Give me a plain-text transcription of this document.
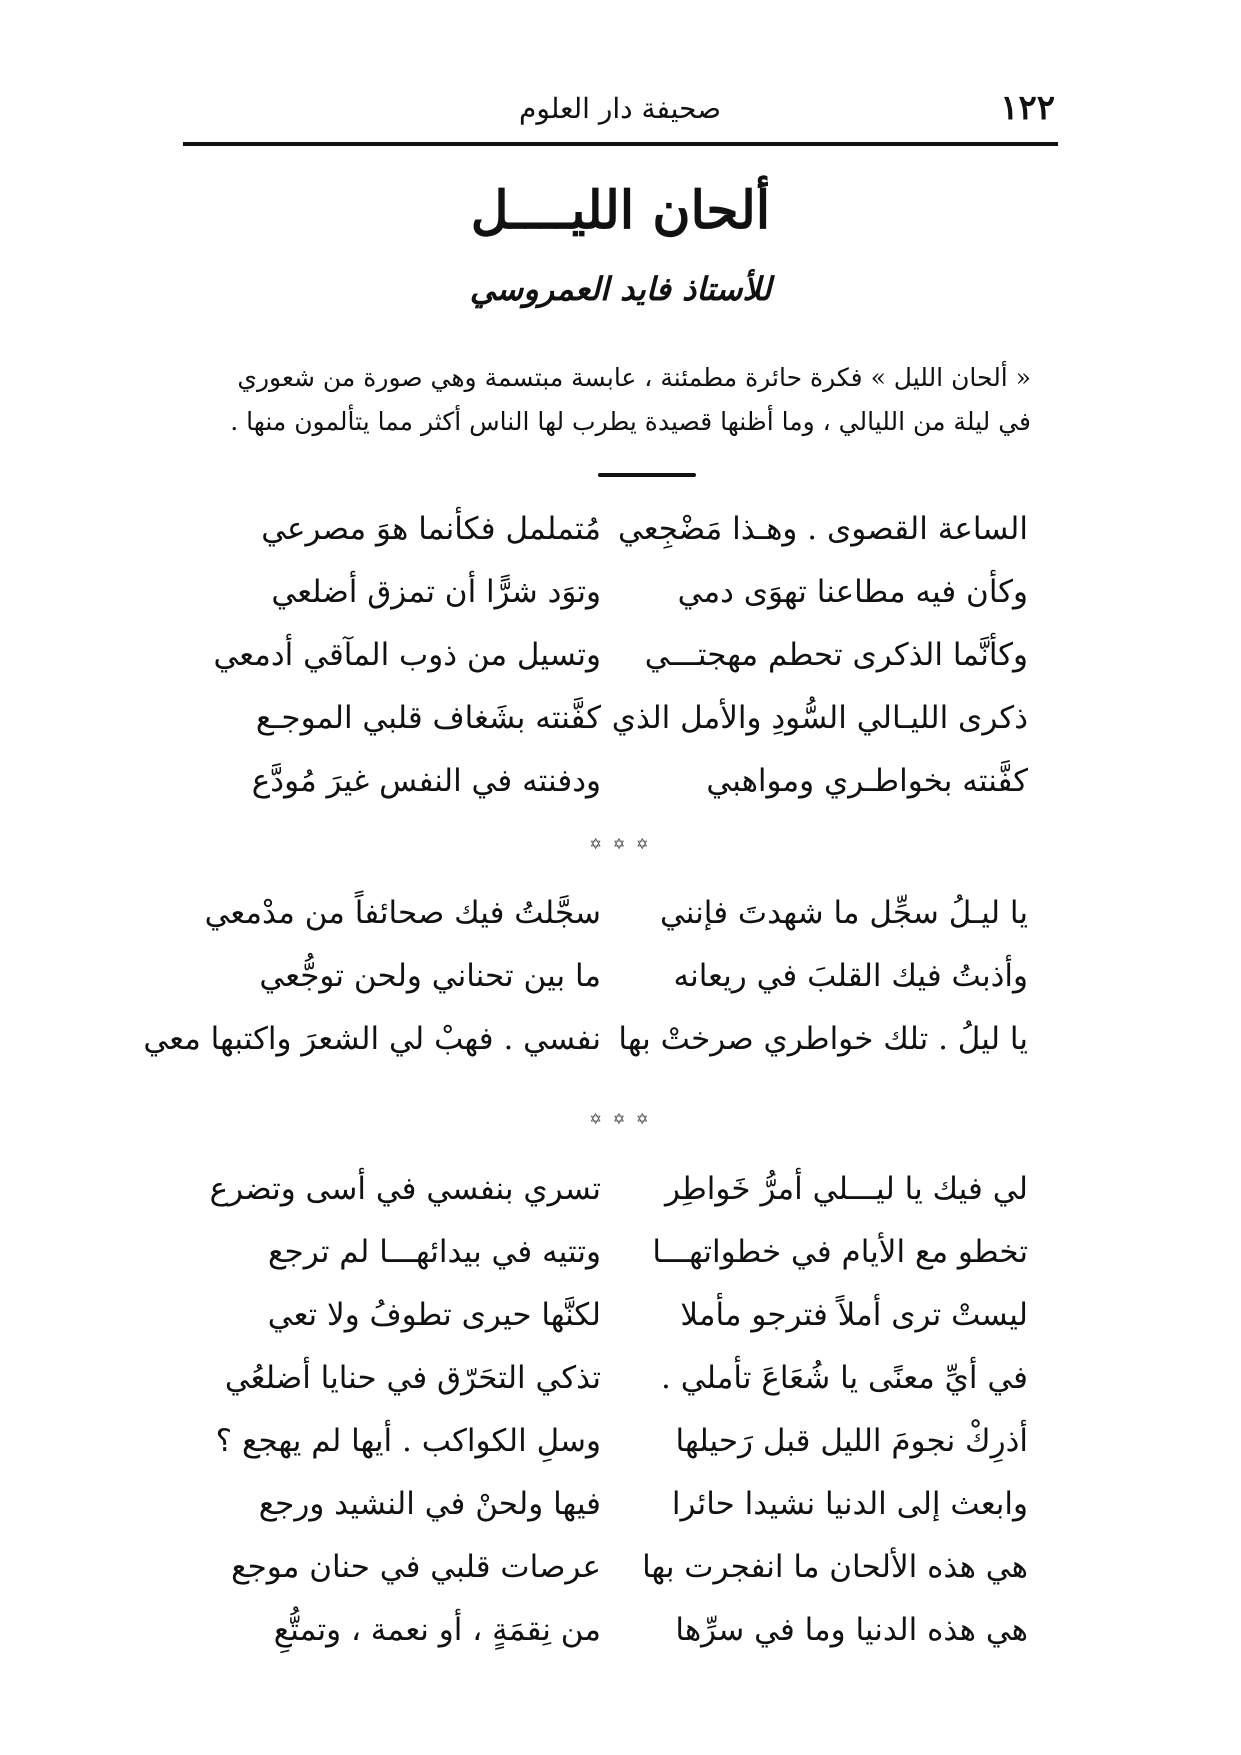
١٢٢
صحيفة دار العلوم
ألحان الليــــل
للأستاذ فايد العمروسي
« ألحان الليل » فكرة حائرة مطمئنة ، عابسة مبتسمة وهي صورة من شعوري
في ليلة من الليالي ، وما أظنها قصيدة يطرب لها الناس أكثر مما يتألمون منها .
الساعة القصوى . وهـذا مَضْجِعي
مُتململ فكأنما هوَ مصرعي
وكأن فيه مطاعنا تهوَى دمي
وتوَد شرًّا أن تمزق أضلعي
وكأنَّما الذكرى تحطم مهجتـــي
وتسيل من ذوب المآقي أدمعي
ذكرى الليـالي السُّودِ والأمل الذي
كفَّنته بشَغاف قلبي الموجـع
كفَّنته بخواطـري ومواهبي
ودفنته في النفس غيرَ مُودَّع
✡ ✡ ✡
يا ليـلُ سجِّل ما شهدتَ فإنني
سجَّلتُ فيك صحائفاً من مدْمعي
وأذبتُ فيك القلبَ في ريعانه
ما بين تحناني ولحن توجُّعي
يا ليلُ . تلك خواطري صرختْ بها
نفسي . فهبْ لي الشعرَ واكتبها معي
✡ ✡ ✡
لي فيك يا ليـــلي أمرُّ خَواطِر
تسري بنفسي في أسى وتضرع
تخطو مع الأيام في خطواتهـــا
وتتيه في بيدائهـــا لم ترجع
ليستْ ترى أملاً فترجو مأملا
لكنَّها حيرى تطوفُ ولا تعي
في أيِّ معنًى يا شُعَاعَ تأملي .
تذكي التحَرّق في حنايا أضلعُي
أذرِكْ نجومَ الليل قبل رَحيلها
وسلِ الكواكب . أيها لم يهجع ؟
وابعث إلى الدنيا نشيدا حائرا
فيها ولحنْ في النشيد ورجع
هي هذه الألحان ما انفجرت بها
عرصات قلبي في حنان موجع
هي هذه الدنيا وما في سرِّها
من نِقمَةٍ ، أو نعمة ، وتمتُّعِ
